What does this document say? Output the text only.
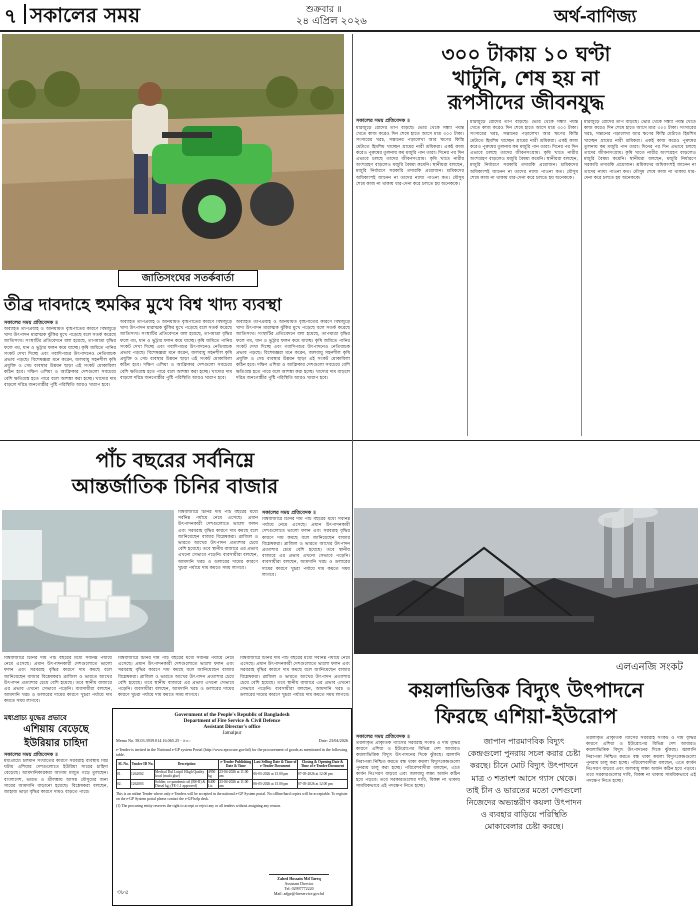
৭ সকালের সময়	শুক্রবার ॥
২৪ এপ্রিল ২০২৬	অর্থ-বাণিজ্য
৩০০ টাকায় ১০ ঘণ্টা
খাটুনি, শেষ হয় না
রূপসীদের জীবনযুদ্ধ
সকালের সময় প্রতিবেদক ॥
মাঠজুড়ে রোদের তাপ বাড়ছে। ভোর থেকে সন্ধ্যা পর্যন্ত খেতে কাজ করেও দিন শেষে হাতে আসে মাত্র ৩০০ টাকা। সংসারের খরচ, সন্তানের পড়ালেখা আর ঋণের কিস্তি মেটাতে হিমশিম খাচ্ছেন গ্রামের নারী শ্রমিকরা। একই কাজ করেও পুরুষের তুলনায় কম মজুরি পান তারা। দিনের পর দিন এভাবে চলছে তাদের জীবনসংগ্রাম। কৃষি খাতে নারীর অংশগ্রহণ বাড়লেও মজুরি বৈষম্য কমেনি। স্থানীয়রা বলছেন, মজুরি নির্ধারণে সরকারি তদারকি প্রয়োজন। শ্রমিকদের অধিকাংশই জানেন না তাদের ন্যায্য পাওনা কত। মৌসুম শেষে কাজ না থাকায় ধার-দেনা করে চলতে হয় অনেককে।
মাঠজুড়ে রোদের তাপ বাড়ছে। ভোর থেকে সন্ধ্যা পর্যন্ত খেতে কাজ করেও দিন শেষে হাতে আসে মাত্র ৩০০ টাকা। সংসারের খরচ, সন্তানের পড়ালেখা আর ঋণের কিস্তি মেটাতে হিমশিম খাচ্ছেন গ্রামের নারী শ্রমিকরা। একই কাজ করেও পুরুষের তুলনায় কম মজুরি পান তারা। দিনের পর দিন এভাবে চলছে তাদের জীবনসংগ্রাম। কৃষি খাতে নারীর অংশগ্রহণ বাড়লেও মজুরি বৈষম্য কমেনি। স্থানীয়রা বলছেন, মজুরি নির্ধারণে সরকারি তদারকি প্রয়োজন। শ্রমিকদের অধিকাংশই জানেন না তাদের ন্যায্য পাওনা কত। মৌসুম শেষে কাজ না থাকায় ধার-দেনা করে চলতে হয় অনেককে।
মাঠজুড়ে রোদের তাপ বাড়ছে। ভোর থেকে সন্ধ্যা পর্যন্ত খেতে কাজ করেও দিন শেষে হাতে আসে মাত্র ৩০০ টাকা। সংসারের খরচ, সন্তানের পড়ালেখা আর ঋণের কিস্তি মেটাতে হিমশিম খাচ্ছেন গ্রামের নারী শ্রমিকরা। একই কাজ করেও পুরুষের তুলনায় কম মজুরি পান তারা। দিনের পর দিন এভাবে চলছে তাদের জীবনসংগ্রাম। কৃষি খাতে নারীর অংশগ্রহণ বাড়লেও মজুরি বৈষম্য কমেনি। স্থানীয়রা বলছেন, মজুরি নির্ধারণে সরকারি তদারকি প্রয়োজন। শ্রমিকদের অধিকাংশই জানেন না তাদের ন্যায্য পাওনা কত। মৌসুম শেষে কাজ না থাকায় ধার-দেনা করে চলতে হয় অনেককে।
জাতিসংঘের সতর্কবার্তা
তীব্র দাবদাহে হুমকির মুখে বিশ্ব খাদ্য ব্যবস্থা
সকালের সময় প্রতিবেদক ॥
অব্যাহত তাপপ্রবাহ ও অনিয়মিত বৃষ্টিপাতের কারণে বিশ্বজুড়ে খাদ্য উৎপাদন মারাত্মক ঝুঁকির মুখে পড়েছে বলে সতর্ক করেছে জাতিসংঘ। সংস্থাটির প্রতিবেদনে বলা হয়েছে, তাপমাত্রা বৃদ্ধির ফলে গম, ধান ও ভুট্টার ফলন কমে যাচ্ছে। কৃষি জমিতে পানির সংকট দেখা দিচ্ছে এবং গবাদিপশুর উৎপাদনেও নেতিবাচক প্রভাব পড়ছে। বিশেষজ্ঞরা মনে করেন, জলবায়ু সহনশীল কৃষি প্রযুক্তি ও সেচ ব্যবস্থার উন্নয়ন ছাড়া এই সংকট মোকাবিলা কঠিন হবে। দক্ষিণ এশিয়া ও আফ্রিকার দেশগুলো সবচেয়ে বেশি ক্ষতিগ্রস্ত হতে পারে বলে আশঙ্কা করা হচ্ছে। খাদ্যের দাম বাড়লে দরিদ্র জনগোষ্ঠীর পুষ্টি পরিস্থিতি আরও খারাপ হবে।
অব্যাহত তাপপ্রবাহ ও অনিয়মিত বৃষ্টিপাতের কারণে বিশ্বজুড়ে খাদ্য উৎপাদন মারাত্মক ঝুঁকির মুখে পড়েছে বলে সতর্ক করেছে জাতিসংঘ। সংস্থাটির প্রতিবেদনে বলা হয়েছে, তাপমাত্রা বৃদ্ধির ফলে গম, ধান ও ভুট্টার ফলন কমে যাচ্ছে। কৃষি জমিতে পানির সংকট দেখা দিচ্ছে এবং গবাদিপশুর উৎপাদনেও নেতিবাচক প্রভাব পড়ছে। বিশেষজ্ঞরা মনে করেন, জলবায়ু সহনশীল কৃষি প্রযুক্তি ও সেচ ব্যবস্থার উন্নয়ন ছাড়া এই সংকট মোকাবিলা কঠিন হবে। দক্ষিণ এশিয়া ও আফ্রিকার দেশগুলো সবচেয়ে বেশি ক্ষতিগ্রস্ত হতে পারে বলে আশঙ্কা করা হচ্ছে। খাদ্যের দাম বাড়লে দরিদ্র জনগোষ্ঠীর পুষ্টি পরিস্থিতি আরও খারাপ হবে।
অব্যাহত তাপপ্রবাহ ও অনিয়মিত বৃষ্টিপাতের কারণে বিশ্বজুড়ে খাদ্য উৎপাদন মারাত্মক ঝুঁকির মুখে পড়েছে বলে সতর্ক করেছে জাতিসংঘ। সংস্থাটির প্রতিবেদনে বলা হয়েছে, তাপমাত্রা বৃদ্ধির ফলে গম, ধান ও ভুট্টার ফলন কমে যাচ্ছে। কৃষি জমিতে পানির সংকট দেখা দিচ্ছে এবং গবাদিপশুর উৎপাদনেও নেতিবাচক প্রভাব পড়ছে। বিশেষজ্ঞরা মনে করেন, জলবায়ু সহনশীল কৃষি প্রযুক্তি ও সেচ ব্যবস্থার উন্নয়ন ছাড়া এই সংকট মোকাবিলা কঠিন হবে। দক্ষিণ এশিয়া ও আফ্রিকার দেশগুলো সবচেয়ে বেশি ক্ষতিগ্রস্ত হতে পারে বলে আশঙ্কা করা হচ্ছে। খাদ্যের দাম বাড়লে দরিদ্র জনগোষ্ঠীর পুষ্টি পরিস্থিতি আরও খারাপ হবে।
পাঁচ বছরের সর্বনিম্নে
আন্তর্জাতিক চিনির বাজার
বিশ্ববাজারে চিনির দাম পাঁচ বছরের মধ্যে সর্বনিম্ন পর্যায়ে নেমে এসেছে। প্রধান উৎপাদনকারী দেশগুলোতে ভালো ফলন এবং সরবরাহ বৃদ্ধির কারণে দাম কমছে বলে জানিয়েছেন বাজার বিশ্লেষকরা। ব্রাজিল ও ভারতে আখের উৎপাদন প্রত্যাশার চেয়ে বেশি হয়েছে। তবে স্থানীয় বাজারে এর প্রভাব এখনো সেভাবে পড়েনি। ব্যবসায়ীরা বলছেন, আমদানি খরচ ও ডলারের দামের কারণে খুচরা পর্যায়ে দাম কমতে সময় লাগবে।
সকালের সময় প্রতিবেদক ॥
বিশ্ববাজারে চিনির দাম পাঁচ বছরের মধ্যে সর্বনিম্ন পর্যায়ে নেমে এসেছে। প্রধান উৎপাদনকারী দেশগুলোতে ভালো ফলন এবং সরবরাহ বৃদ্ধির কারণে দাম কমছে বলে জানিয়েছেন বাজার বিশ্লেষকরা। ব্রাজিল ও ভারতে আখের উৎপাদন প্রত্যাশার চেয়ে বেশি হয়েছে। তবে স্থানীয় বাজারে এর প্রভাব এখনো সেভাবে পড়েনি। ব্যবসায়ীরা বলছেন, আমদানি খরচ ও ডলারের দামের কারণে খুচরা পর্যায়ে দাম কমতে সময় লাগবে।
বিশ্ববাজারে চিনির দাম পাঁচ বছরের মধ্যে সর্বনিম্ন পর্যায়ে নেমে এসেছে। প্রধান উৎপাদনকারী দেশগুলোতে ভালো ফলন এবং সরবরাহ বৃদ্ধির কারণে দাম কমছে বলে জানিয়েছেন বাজার বিশ্লেষকরা। ব্রাজিল ও ভারতে আখের উৎপাদন প্রত্যাশার চেয়ে বেশি হয়েছে। তবে স্থানীয় বাজারে এর প্রভাব এখনো সেভাবে পড়েনি। ব্যবসায়ীরা বলছেন, আমদানি খরচ ও ডলারের দামের কারণে খুচরা পর্যায়ে দাম কমতে সময় লাগবে।
বিশ্ববাজারে চিনির দাম পাঁচ বছরের মধ্যে সর্বনিম্ন পর্যায়ে নেমে এসেছে। প্রধান উৎপাদনকারী দেশগুলোতে ভালো ফলন এবং সরবরাহ বৃদ্ধির কারণে দাম কমছে বলে জানিয়েছেন বাজার বিশ্লেষকরা। ব্রাজিল ও ভারতে আখের উৎপাদন প্রত্যাশার চেয়ে বেশি হয়েছে। তবে স্থানীয় বাজারে এর প্রভাব এখনো সেভাবে পড়েনি। ব্যবসায়ীরা বলছেন, আমদানি খরচ ও ডলারের দামের কারণে খুচরা পর্যায়ে দাম কমতে সময় লাগবে।
বিশ্ববাজারে চিনির দাম পাঁচ বছরের মধ্যে সর্বনিম্ন পর্যায়ে নেমে এসেছে। প্রধান উৎপাদনকারী দেশগুলোতে ভালো ফলন এবং সরবরাহ বৃদ্ধির কারণে দাম কমছে বলে জানিয়েছেন বাজার বিশ্লেষকরা। ব্রাজিল ও ভারতে আখের উৎপাদন প্রত্যাশার চেয়ে বেশি হয়েছে। তবে স্থানীয় বাজারে এর প্রভাব এখনো সেভাবে পড়েনি। ব্যবসায়ীরা বলছেন, আমদানি খরচ ও ডলারের দামের কারণে খুচরা পর্যায়ে দাম কমতে সময় লাগবে।
এলএনজি সংকট
কয়লাভিত্তিক বিদ্যুৎ উৎপাদনে
ফিরছে এশিয়া-ইউরোপ
সকালের সময় প্রতিবেদক ॥
তরলীকৃত প্রাকৃতিক গ্যাসের সরবরাহ সংকট ও দাম বৃদ্ধির কারণে এশিয়া ও ইউরোপের বিভিন্ন দেশ আবারও কয়লাভিত্তিক বিদ্যুৎ উৎপাদনের দিকে ঝুঁকছে। জ্বালানি নিরাপত্তা নিশ্চিত করতে বন্ধ থাকা কয়লা বিদ্যুৎকেন্দ্রগুলো পুনরায় চালু করা হচ্ছে। পরিবেশবাদীরা বলছেন, এতে কার্বন নিঃসরণ বাড়বে এবং জলবায়ু লক্ষ্য অর্জন কঠিন হয়ে পড়বে। তবে সরকারগুলোর দাবি, বিকল্প না থাকায় সাময়িকভাবে এই পদক্ষেপ নিতে হচ্ছে।
জাপান পারমাণবিক বিদ্যুৎ কেন্দ্রগুলো পুনরায় সচল করার চেষ্টা করছে। চীনে মোট বিদ্যুৎ উৎপাদনে মাত্র ৩ শতাংশ আসে গ্যাস থেকে। তাই চীন ও ভারতের মতো দেশগুলো নিজেদের অভ্যন্তরীণ কয়লা উৎপাদন ও ব্যবহার বাড়িয়ে পরিস্থিতি মোকাবেলার চেষ্টা করছে।
তরলীকৃত প্রাকৃতিক গ্যাসের সরবরাহ সংকট ও দাম বৃদ্ধির কারণে এশিয়া ও ইউরোপের বিভিন্ন দেশ আবারও কয়লাভিত্তিক বিদ্যুৎ উৎপাদনের দিকে ঝুঁকছে। জ্বালানি নিরাপত্তা নিশ্চিত করতে বন্ধ থাকা কয়লা বিদ্যুৎকেন্দ্রগুলো পুনরায় চালু করা হচ্ছে। পরিবেশবাদীরা বলছেন, এতে কার্বন নিঃসরণ বাড়বে এবং জলবায়ু লক্ষ্য অর্জন কঠিন হয়ে পড়বে। তবে সরকারগুলোর দাবি, বিকল্প না থাকায় সাময়িকভাবে এই পদক্ষেপ নিতে হচ্ছে।
মধ্যপ্রাচ্য যুদ্ধের প্রভাবে
এশিয়ায় বেড়েছে
ইউরিয়ার চাহিদা
সকালের সময় প্রতিবেদক ॥
মধ্যপ্রাচ্যে চলমান সংঘাতের কারণে সরবরাহ ব্যবস্থায় বিঘ্ন ঘটায় এশিয়ার দেশগুলোতে ইউরিয়া সারের চাহিদা বেড়েছে। আমদানিকারকরা আগাম মজুত গড়ে তুলছেন। বাংলাদেশ, ভারত ও শ্রীলঙ্কায় আসন্ন মৌসুমের জন্য সারের আমদানি বাড়ানো হয়েছে। বিশ্লেষকরা বলছেন, জাহাজ ভাড়া বৃদ্ধির কারণে দামও বাড়তে পারে।
Government of the People's Republic of Bangladesh
Department of Fire Service & Civil Defence
Assistant Director's office
Jamalpur
Memo No. 58.03.3939.014.16.065.25 - ৫৩০	Date: 23/04/2026
e-Tender is invited in the National e-GP system Portal (http://www.eprocure.gov.bd) for the procurement of goods as mentioned in the following table.
SL No.	Tender ID No.	Description		e-Tender Publishing Date & Time	Last Selling Date & Time of e-Tender Document	Closing & Opening Date & Time of e-Tender Document
01.	1262002	Medical Dul Lutpil 10kgh Quality local (multi glue)	4950 kg	23-04-2026 at 11.00 am	06-05-2026 at 15.00 pm	07-05-2026 at 12.00 pm
02.	1262003	Soldier, co-pandemic oil (BS-II) & Diesel kg, (FE-1.1 approved)	6400 Ltr.	23-04-2026 at 11.00 am	06-05-2026 at 15.00 pm	07-05-2026 at 12.00 pm
This is an online Tender where only e-Tenders will be accepted in the national e-GP System portal. No offline/hard copies will be acceptable. To register on the e-GP System portal please contact the e-GP help desk.
(1) The procuring entity reserves the right to accept or reject any or all tenders without assigning any reason.
৩৮৫
Zahed Hossain Md Tareq
Assistant Director
Tel: 02997772220
Mail: adjpr@fireservice.gov.bd
